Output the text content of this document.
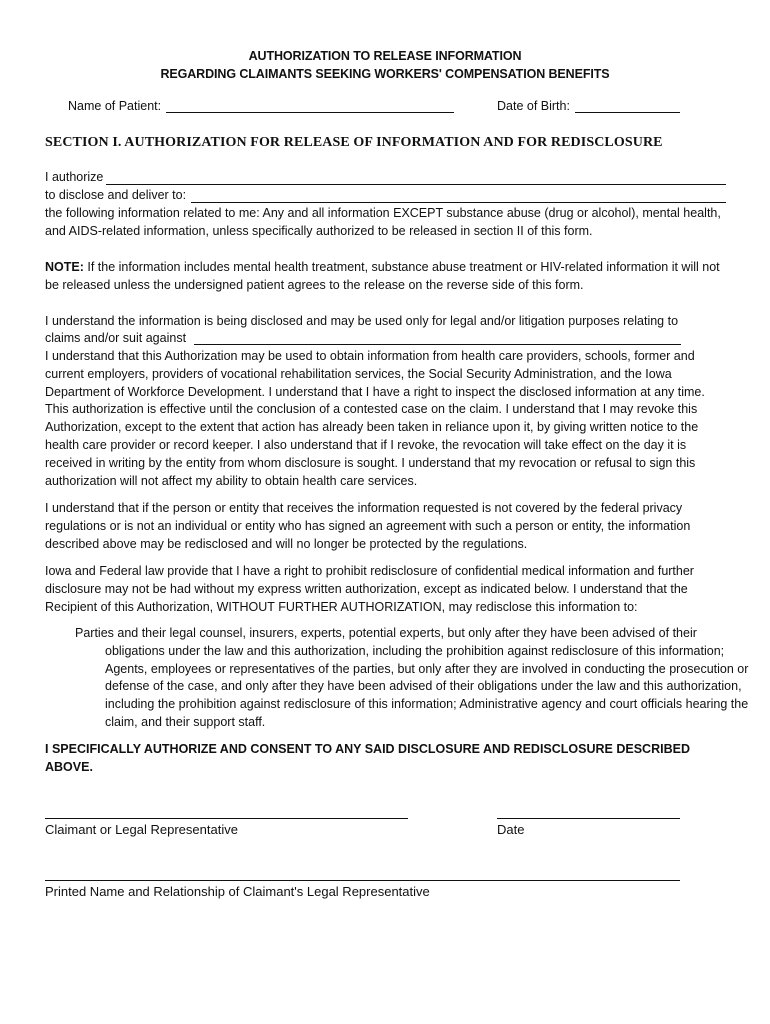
AUTHORIZATION TO RELEASE INFORMATION
REGARDING CLAIMANTS SEEKING WORKERS' COMPENSATION BENEFITS
Name of Patient:	Date of Birth:
SECTION I. AUTHORIZATION FOR RELEASE OF INFORMATION AND FOR REDISCLOSURE
I authorize
to disclose and deliver to:
the following information related to me: Any and all information EXCEPT substance abuse (drug or alcohol), mental health, and AIDS-related information, unless specifically authorized to be released in section II of this form.
NOTE: If the information includes mental health treatment, substance abuse treatment or HIV-related information it will not be released unless the undersigned patient agrees to the release on the reverse side of this form.
I understand the information is being disclosed and may be used only for legal and/or litigation purposes relating to
claims and/or suit against
I understand that this Authorization may be used to obtain information from health care providers, schools, former and current employers, providers of vocational rehabilitation services, the Social Security Administration, and the Iowa Department of Workforce Development. I understand that I have a right to inspect the disclosed information at any time. This authorization is effective until the conclusion of a contested case on the claim. I understand that I may revoke this Authorization, except to the extent that action has already been taken in reliance upon it, by giving written notice to the health care provider or record keeper. I also understand that if I revoke, the revocation will take effect on the day it is received in writing by the entity from whom disclosure is sought. I understand that my revocation or refusal to sign this authorization will not affect my ability to obtain health care services.
I understand that if the person or entity that receives the information requested is not covered by the federal privacy regulations or is not an individual or entity who has signed an agreement with such a person or entity, the information described above may be redisclosed and will no longer be protected by the regulations.
Iowa and Federal law provide that I have a right to prohibit redisclosure of confidential medical information and further disclosure may not be had without my express written authorization, except as indicated below. I understand that the Recipient of this Authorization, WITHOUT FURTHER AUTHORIZATION, may redisclose this information to:
Parties and their legal counsel, insurers, experts, potential experts, but only after they have been advised of their obligations under the law and this authorization, including the prohibition against redisclosure of this information; Agents, employees or representatives of the parties, but only after they are involved in conducting the prosecution or defense of the case, and only after they have been advised of their obligations under the law and this authorization, including the prohibition against redisclosure of this information; Administrative agency and court officials hearing the claim, and their support staff.
I SPECIFICALLY AUTHORIZE AND CONSENT TO ANY SAID DISCLOSURE AND REDISCLOSURE DESCRIBED ABOVE.
Claimant or Legal Representative	Date
Printed Name and Relationship of Claimant's Legal Representative
